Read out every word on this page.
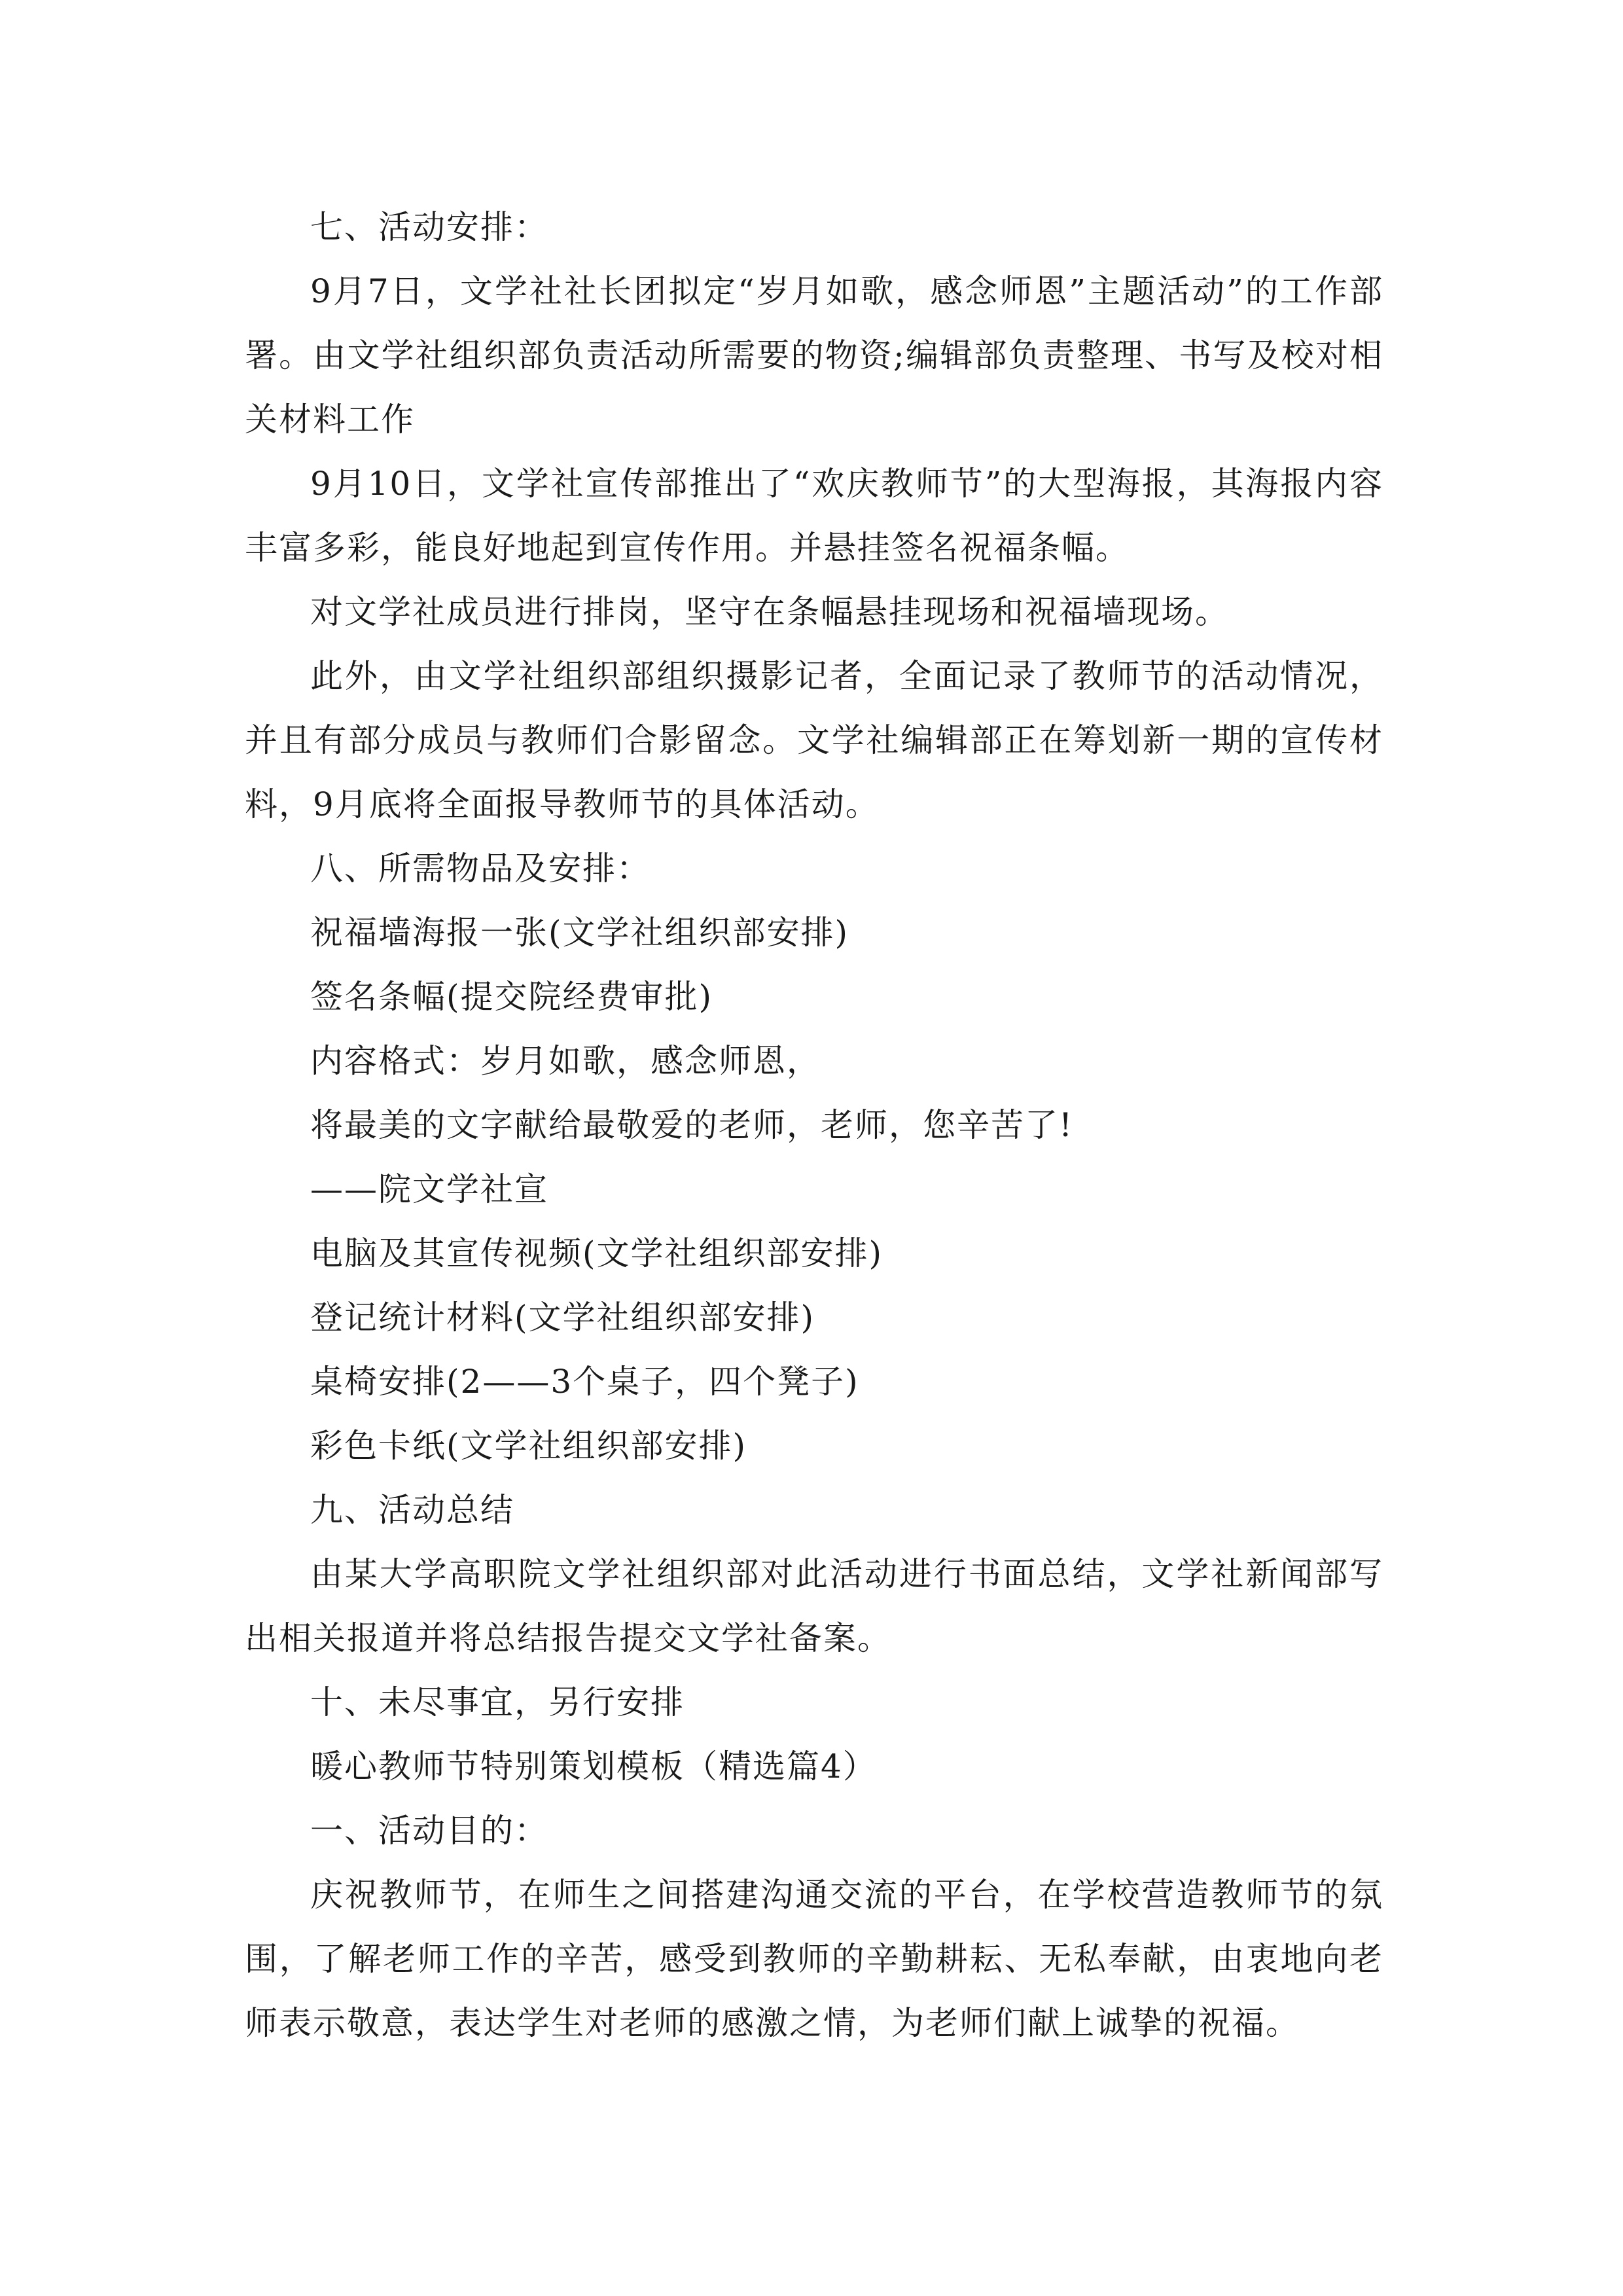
七、活动安排：

9月7日，文学社社长团拟定“岁月如歌，感念师恩”主题活动”的工作部署。由文学社组织部负责活动所需要的物资;编辑部负责整理、书写及校对相关材料工作

9月10日，文学社宣传部推出了“欢庆教师节”的大型海报，其海报内容丰富多彩，能良好地起到宣传作用。并悬挂签名祝福条幅。

对文学社成员进行排岗，坚守在条幅悬挂现场和祝福墙现场。

此外，由文学社组织部组织摄影记者，全面记录了教师节的活动情况，并且有部分成员与教师们合影留念。文学社编辑部正在筹划新一期的宣传材料，9月底将全面报导教师节的具体活动。

八、所需物品及安排：

祝福墙海报一张(文学社组织部安排)

签名条幅(提交院经费审批)

内容格式：岁月如歌，感念师恩，

将最美的文字献给最敬爱的老师，老师，您辛苦了!

——院文学社宣

电脑及其宣传视频(文学社组织部安排)

登记统计材料(文学社组织部安排)

桌椅安排(2——3个桌子，四个凳子)

彩色卡纸(文学社组织部安排)

九、活动总结

由某大学高职院文学社组织部对此活动进行书面总结，文学社新闻部写出相关报道并将总结报告提交文学社备案。

十、未尽事宜，另行安排

暖心教师节特别策划模板（精选篇4）

一、活动目的：

庆祝教师节，在师生之间搭建沟通交流的平台，在学校营造教师节的氛围，了解老师工作的辛苦，感受到教师的辛勤耕耘、无私奉献，由衷地向老师表示敬意，表达学生对老师的感激之情，为老师们献上诚挚的祝福。
